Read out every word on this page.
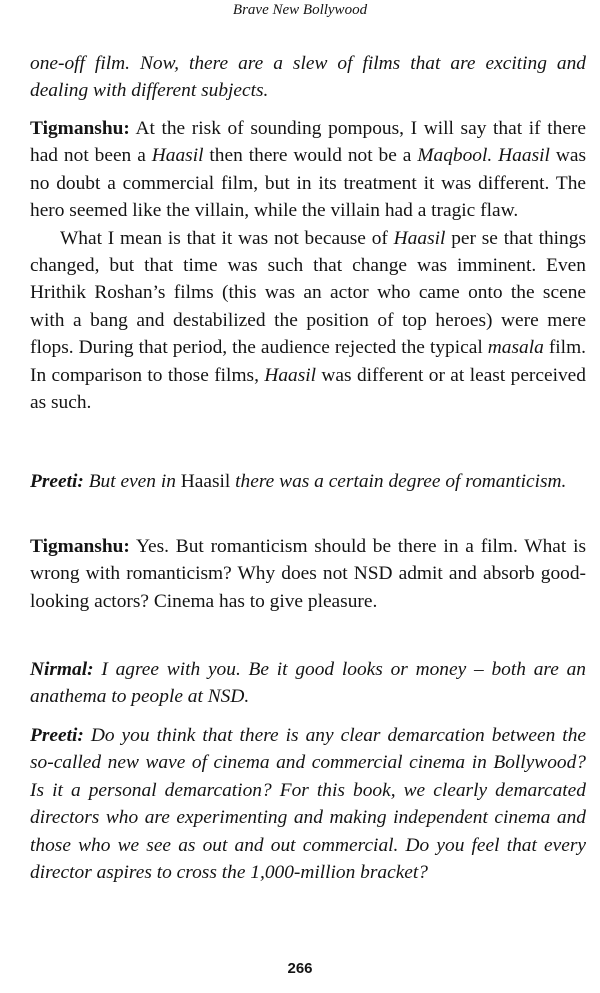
Brave New Bollywood
one-off film. Now, there are a slew of films that are exciting and
dealing with different subjects.

Tigmanshu: At the risk of sounding pompous, I will say that if there had not been a Haasil then there would not be a Maqbool. Haasil was no doubt a commercial film, but in its treatment it was different. The hero seemed like the villain, while the villain had a tragic flaw.

What I mean is that it was not because of Haasil per se that things changed, but that time was such that change was imminent. Even Hrithik Roshan’s films (this was an actor who came onto the scene with a bang and destabilized the position of top heroes) were mere flops. During that period, the audience rejected the typical masala film. In comparison to those films, Haasil was different or at least perceived as such.

Preeti: But even in Haasil there was a certain degree of romanticism.

Tigmanshu: Yes. But romanticism should be there in a film. What is wrong with romanticism? Why does not NSD admit and absorb good-looking actors? Cinema has to give pleasure.

Nirmal: I agree with you. Be it good looks or money – both are an anathema to people at NSD.

Preeti: Do you think that there is any clear demarcation between the so-called new wave of cinema and commercial cinema in Bollywood? Is it a personal demarcation? For this book, we clearly demarcated directors who are experimenting and making independent cinema and those who we see as out and out commercial. Do you feel that every director aspires to cross the 1,000-million bracket?

266
